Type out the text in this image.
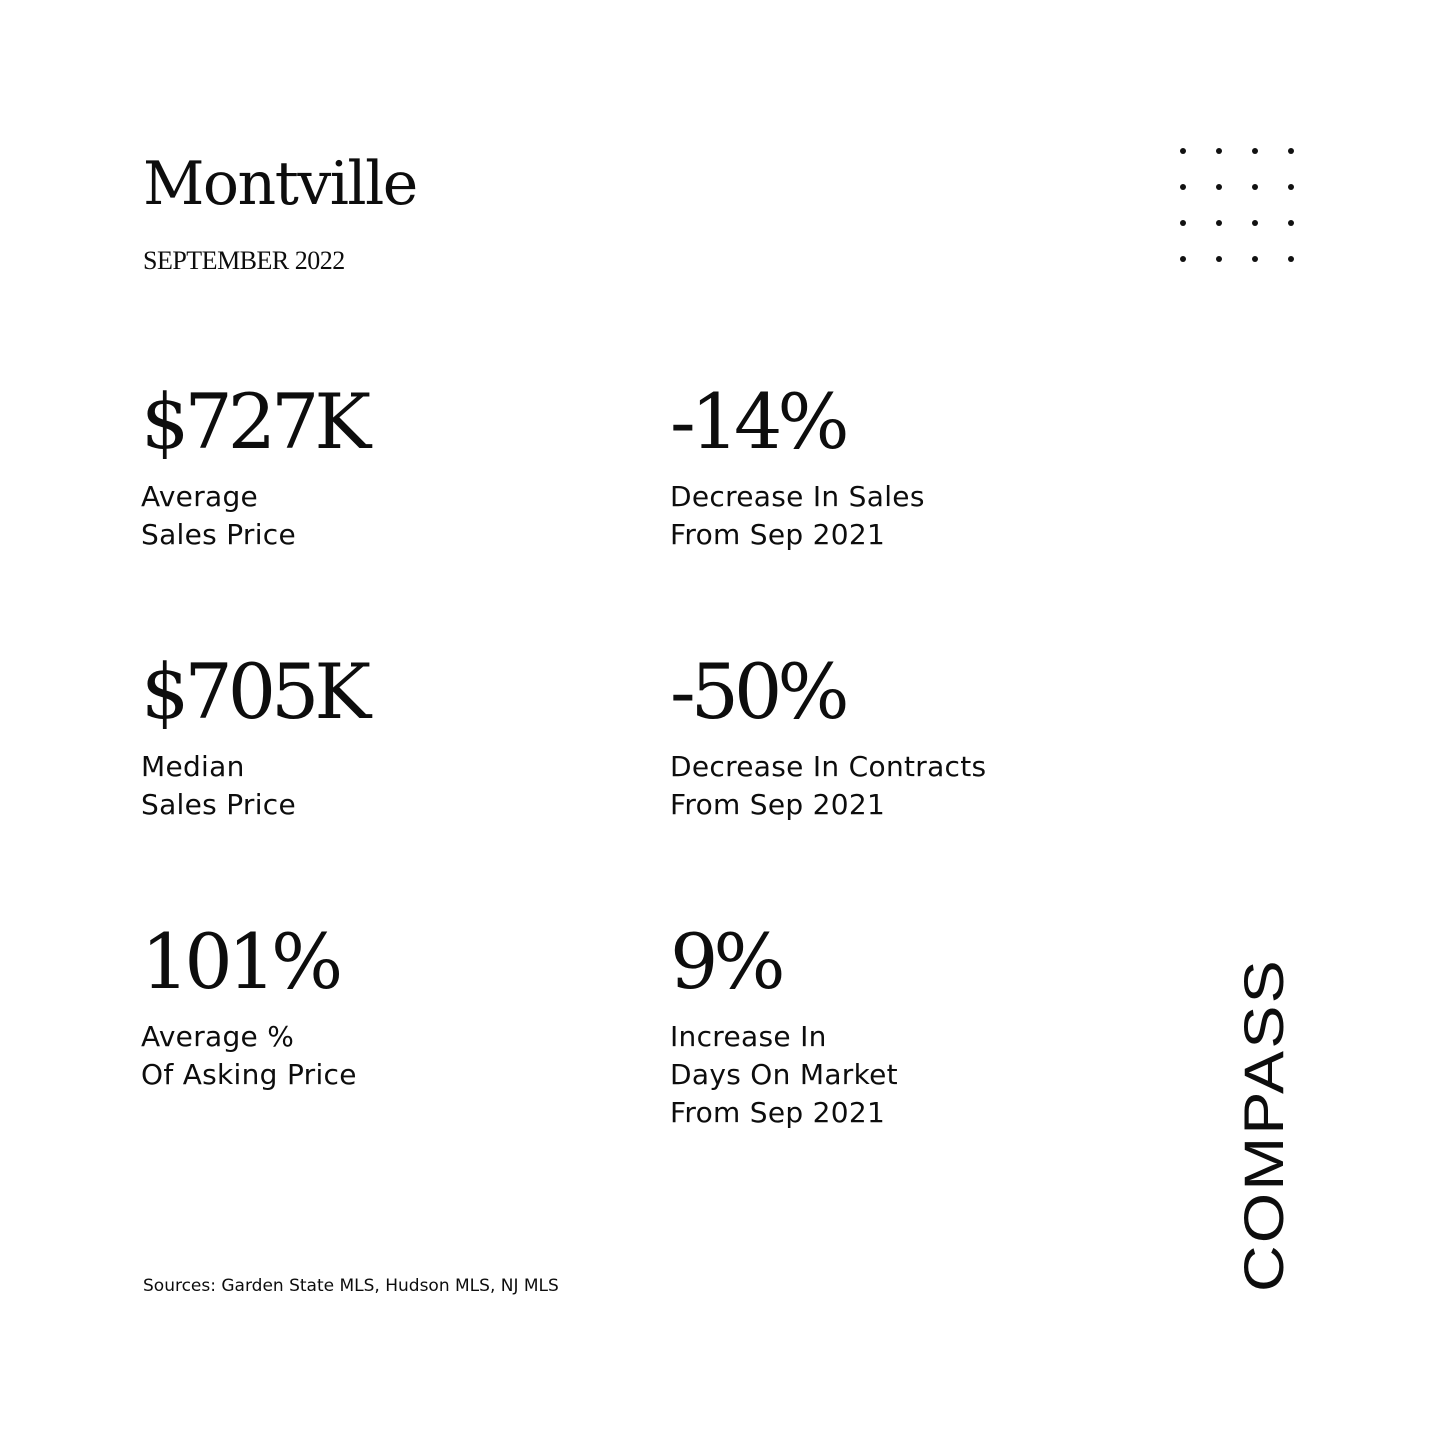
Montville
SEPTEMBER 2022
$727K
Average
Sales Price
-14%
Decrease In Sales
From Sep 2021
$705K
Median
Sales Price
-50%
Decrease In Contracts
From Sep 2021
101%
Average %
Of Asking Price
9%
Increase In
Days On Market
From Sep 2021
Sources: Garden State MLS, Hudson MLS, NJ MLS	COMPASS
